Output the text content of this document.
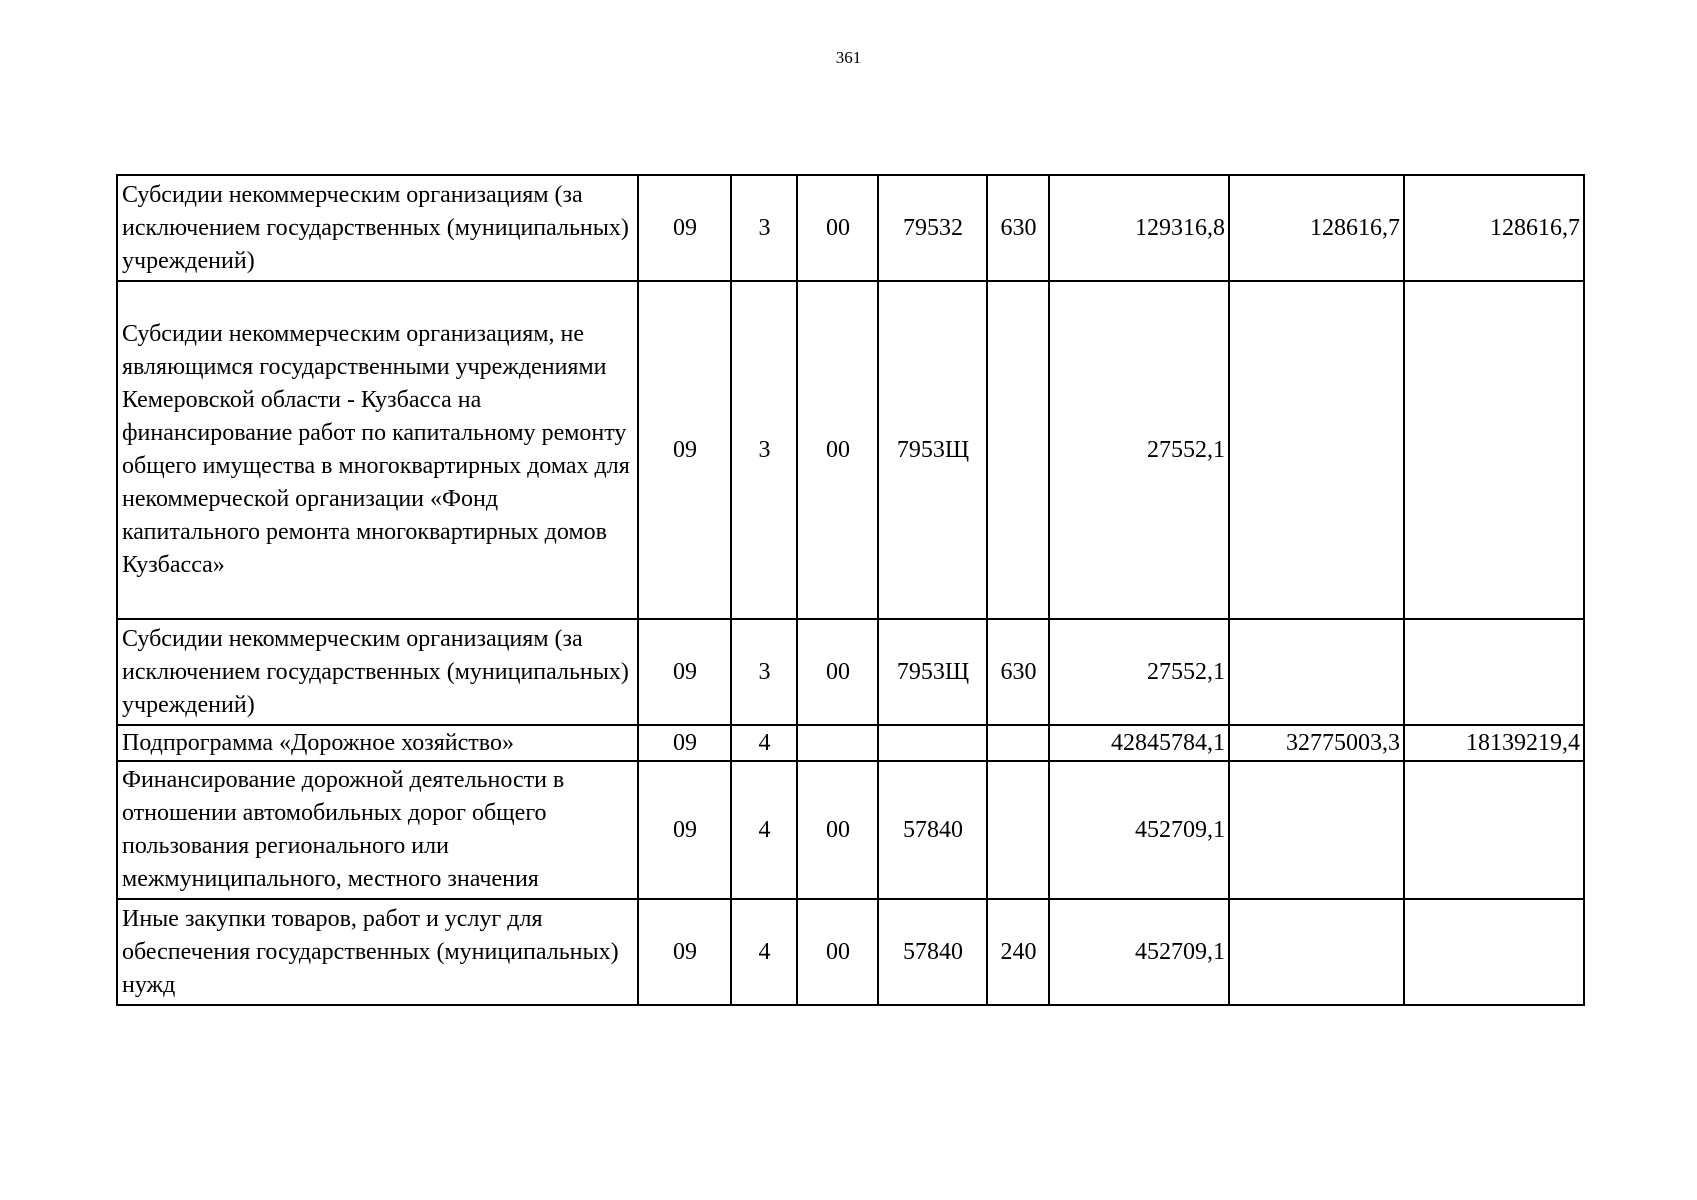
361
Субсидии некоммерческим организациям (за исключением государственных (муниципальных) учреждений)	09	3	00	79532	630	129316,8	128616,7	128616,7
Субсидии некоммерческим организациям, не являющимся государственными учреждениями Кемеровской области - Кузбасса на финансирование работ по капитальному ремонту общего имущества в многоквартирных домах для некоммерческой организации «Фонд капитального ремонта многоквартирных домов Кузбасса»	09	3	00	7953Щ		27552,1		
Субсидии некоммерческим организациям (за исключением государственных (муниципальных) учреждений)	09	3	00	7953Щ	630	27552,1		
Подпрограмма «Дорожное хозяйство»	09	4				42845784,1	32775003,3	18139219,4
Финансирование дорожной деятельности в отношении автомобильных дорог общего пользования регионального или межмуниципального, местного значения	09	4	00	57840		452709,1		
Иные закупки товаров, работ и услуг для обеспечения государственных (муниципальных) нужд	09	4	00	57840	240	452709,1		
